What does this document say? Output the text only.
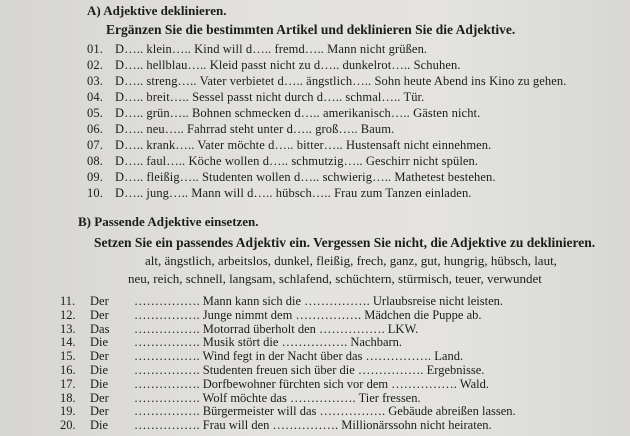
A) Adjektive deklinieren.
Ergänzen Sie die bestimmten Artikel und deklinieren Sie die Adjektive.
01. D….. klein….. Kind will d….. fremd….. Mann nicht grüßen.
02. D….. hellblau….. Kleid passt nicht zu d….. dunkelrot….. Schuhen.
03. D….. streng….. Vater verbietet d….. ängstlich….. Sohn heute Abend ins Kino zu gehen.
04. D….. breit….. Sessel passt nicht durch d….. schmal….. Tür.
05. D….. grün….. Bohnen schmecken d….. amerikanisch….. Gästen nicht.
06. D….. neu….. Fahrrad steht unter d….. groß….. Baum.
07. D….. krank….. Vater möchte d….. bitter….. Hustensaft nicht einnehmen.
08. D….. faul….. Köche wollen d….. schmutzig….. Geschirr nicht spülen.
09. D….. fleißig….. Studenten wollen d….. schwierig….. Mathetest bestehen.
10. D….. jung….. Mann will d….. hübsch….. Frau zum Tanzen einladen.
B) Passende Adjektive einsetzen.
Setzen Sie ein passendes Adjektiv ein. Vergessen Sie nicht, die Adjektive zu deklinieren.
alt, ängstlich, arbeitslos, dunkel, fleißig, frech, ganz, gut, hungrig, hübsch, laut,
neu, reich, schnell, langsam, schlafend, schüchtern, stürmisch, teuer, verwundet
11. Der ……………. Mann kann sich die ……………. Urlaubsreise nicht leisten.
12. Der ……………. Junge nimmt dem ……………. Mädchen die Puppe ab.
13. Das ……………. Motorrad überholt den ……………. LKW.
14. Die ……………. Musik stört die ……………. Nachbarn.
15. Der ……………. Wind fegt in der Nacht über das ……………. Land.
16. Die ……………. Studenten freuen sich über die ……………. Ergebnisse.
17. Die ……………. Dorfbewohner fürchten sich vor dem ……………. Wald.
18. Der ……………. Wolf möchte das ……………. Tier fressen.
19. Der ……………. Bürgermeister will das ……………. Gebäude abreißen lassen.
20. Die ……………. Frau will den ……………. Millionärssohn nicht heiraten.
